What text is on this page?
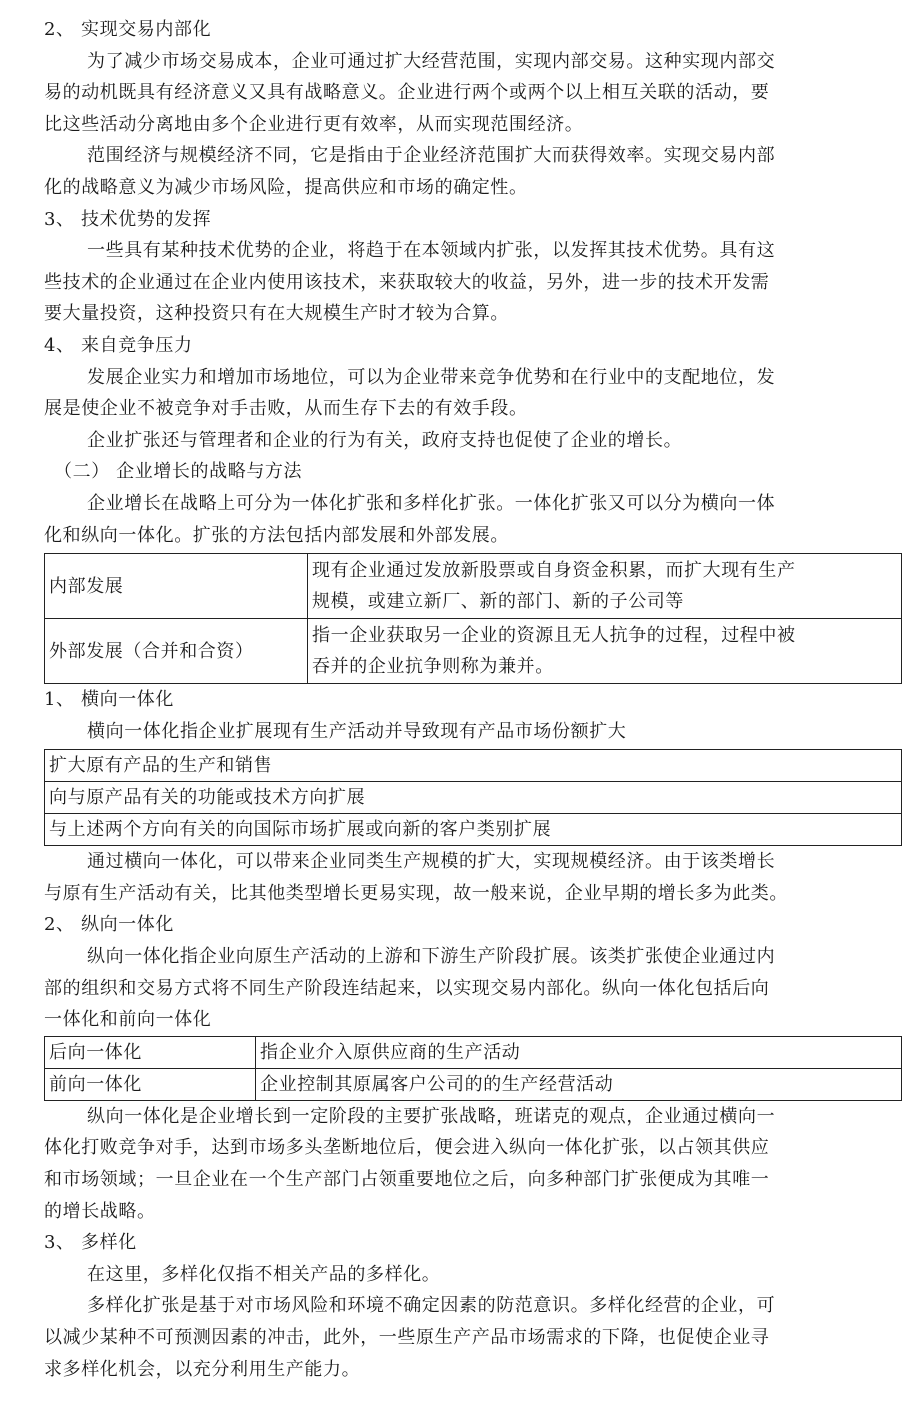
2、 实现交易内部化
为了减少市场交易成本，企业可通过扩大经营范围，实现内部交易。这种实现内部交
易的动机既具有经济意义又具有战略意义。企业进行两个或两个以上相互关联的活动，要
比这些活动分离地由多个企业进行更有效率，从而实现范围经济。
范围经济与规模经济不同，它是指由于企业经济范围扩大而获得效率。实现交易内部
化的战略意义为减少市场风险，提高供应和市场的确定性。
3、 技术优势的发挥
一些具有某种技术优势的企业，将趋于在本领域内扩张，以发挥其技术优势。具有这
些技术的企业通过在企业内使用该技术，来获取较大的收益，另外，进一步的技术开发需
要大量投资，这种投资只有在大规模生产时才较为合算。
4、 来自竞争压力
发展企业实力和增加市场地位，可以为企业带来竞争优势和在行业中的支配地位，发
展是使企业不被竞争对手击败，从而生存下去的有效手段。
企业扩张还与管理者和企业的行为有关，政府支持也促使了企业的增长。
（二） 企业增长的战略与方法
企业增长在战略上可分为一体化扩张和多样化扩张。一体化扩张又可以分为横向一体
化和纵向一体化。扩张的方法包括内部发展和外部发展。
内部发展	现有企业通过发放新股票或自身资金积累，而扩大现有生产
规模，或建立新厂、新的部门、新的子公司等

外部发展（合并和合资）	指一企业获取另一企业的资源且无人抗争的过程，过程中被
吞并的企业抗争则称为兼并。
1、 横向一体化
横向一体化指企业扩展现有生产活动并导致现有产品市场份额扩大
扩大原有产品的生产和销售
向与原产品有关的功能或技术方向扩展
与上述两个方向有关的向国际市场扩展或向新的客户类别扩展
通过横向一体化，可以带来企业同类生产规模的扩大，实现规模经济。由于该类增长
与原有生产活动有关，比其他类型增长更易实现，故一般来说，企业早期的增长多为此类。
2、 纵向一体化
纵向一体化指企业向原生产活动的上游和下游生产阶段扩展。该类扩张使企业通过内
部的组织和交易方式将不同生产阶段连结起来，以实现交易内部化。纵向一体化包括后向
一体化和前向一体化
后向一体化	指企业介入原供应商的生产活动
前向一体化	企业控制其原属客户公司的的生产经营活动
纵向一体化是企业增长到一定阶段的主要扩张战略，班诺克的观点，企业通过横向一
体化打败竞争对手，达到市场多头垄断地位后，便会进入纵向一体化扩张，以占领其供应
和市场领域；一旦企业在一个生产部门占领重要地位之后，向多种部门扩张便成为其唯一
的增长战略。
3、 多样化
在这里，多样化仅指不相关产品的多样化。
多样化扩张是基于对市场风险和环境不确定因素的防范意识。多样化经营的企业，可
以减少某种不可预测因素的冲击，此外，一些原生产产品市场需求的下降，也促使企业寻
求多样化机会，以充分利用生产能力。
